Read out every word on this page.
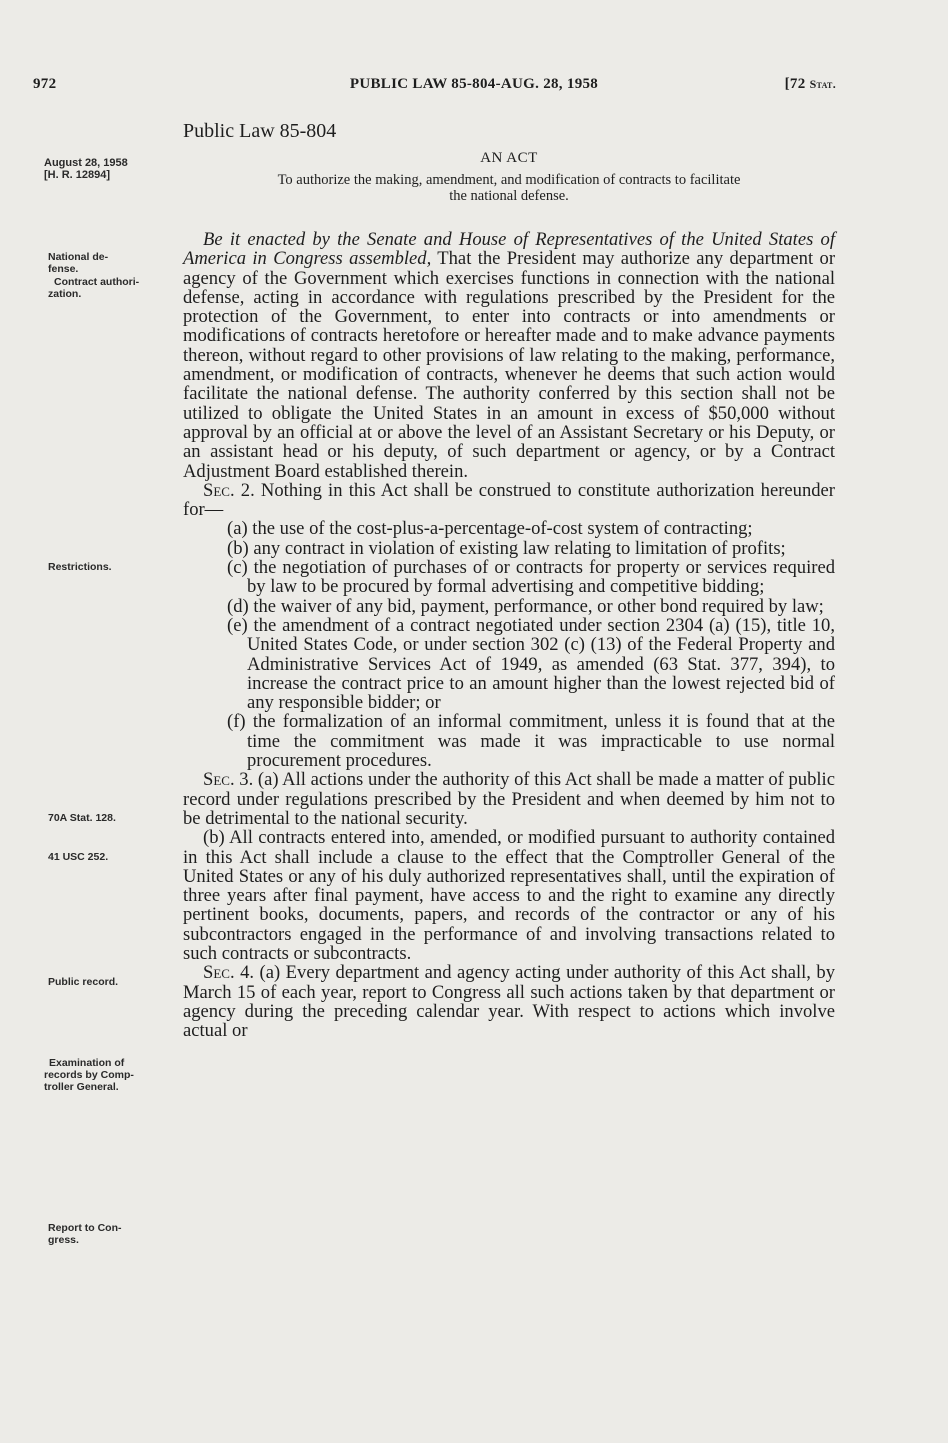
972	PUBLIC LAW 85-804-AUG. 28, 1958	[72 Stat.
Public Law 85-804
August 28, 1958
[H. R. 12894]
AN ACT
To authorize the making, amendment, and modification of contracts to facilitate
the national defense.
National de-
fense.
Contract authori-
zation.
Restrictions.
70A Stat. 128.
41 USC 252.
Public record.
Examination of
records by Comp-
troller General.
Report to Con-
gress.

Be it enacted by the Senate and House of Representatives of the United States of America in Congress assembled, That the President may authorize any department or agency of the Government which exercises functions in connection with the national defense, acting in accordance with regulations prescribed by the President for the protection of the Government, to enter into contracts or into amendments or modifications of contracts heretofore or hereafter made and to make advance payments thereon, without regard to other provisions of law relating to the making, performance, amendment, or modification of contracts, whenever he deems that such action would facilitate the national defense. The authority conferred by this section shall not be utilized to obligate the United States in an amount in excess of $50,000 without approval by an official at or above the level of an Assistant Secretary or his Deputy, or an assistant head or his deputy, of such department or agency, or by a Contract Adjustment Board established therein.

Sec. 2. Nothing in this Act shall be construed to constitute authorization hereunder for—

(a) the use of the cost-plus-a-percentage-of-cost system of contracting;

(b) any contract in violation of existing law relating to limitation of profits;

(c) the negotiation of purchases of or contracts for property or services required by law to be procured by formal advertising and competitive bidding;

(d) the waiver of any bid, payment, performance, or other bond required by law;

(e) the amendment of a contract negotiated under section 2304 (a) (15), title 10, United States Code, or under section 302 (c) (13) of the Federal Property and Administrative Services Act of 1949, as amended (63 Stat. 377, 394), to increase the contract price to an amount higher than the lowest rejected bid of any responsible bidder; or

(f) the formalization of an informal commitment, unless it is found that at the time the commitment was made it was impracticable to use normal procurement procedures.

Sec. 3. (a) All actions under the authority of this Act shall be made a matter of public record under regulations prescribed by the President and when deemed by him not to be detrimental to the national security.

(b) All contracts entered into, amended, or modified pursuant to authority contained in this Act shall include a clause to the effect that the Comptroller General of the United States or any of his duly authorized representatives shall, until the expiration of three years after final payment, have access to and the right to examine any directly pertinent books, documents, papers, and records of the contractor or any of his subcontractors engaged in the performance of and involving transactions related to such contracts or subcontracts.

Sec. 4. (a) Every department and agency acting under authority of this Act shall, by March 15 of each year, report to Congress all such actions taken by that department or agency during the preceding calendar year. With respect to actions which involve actual or
